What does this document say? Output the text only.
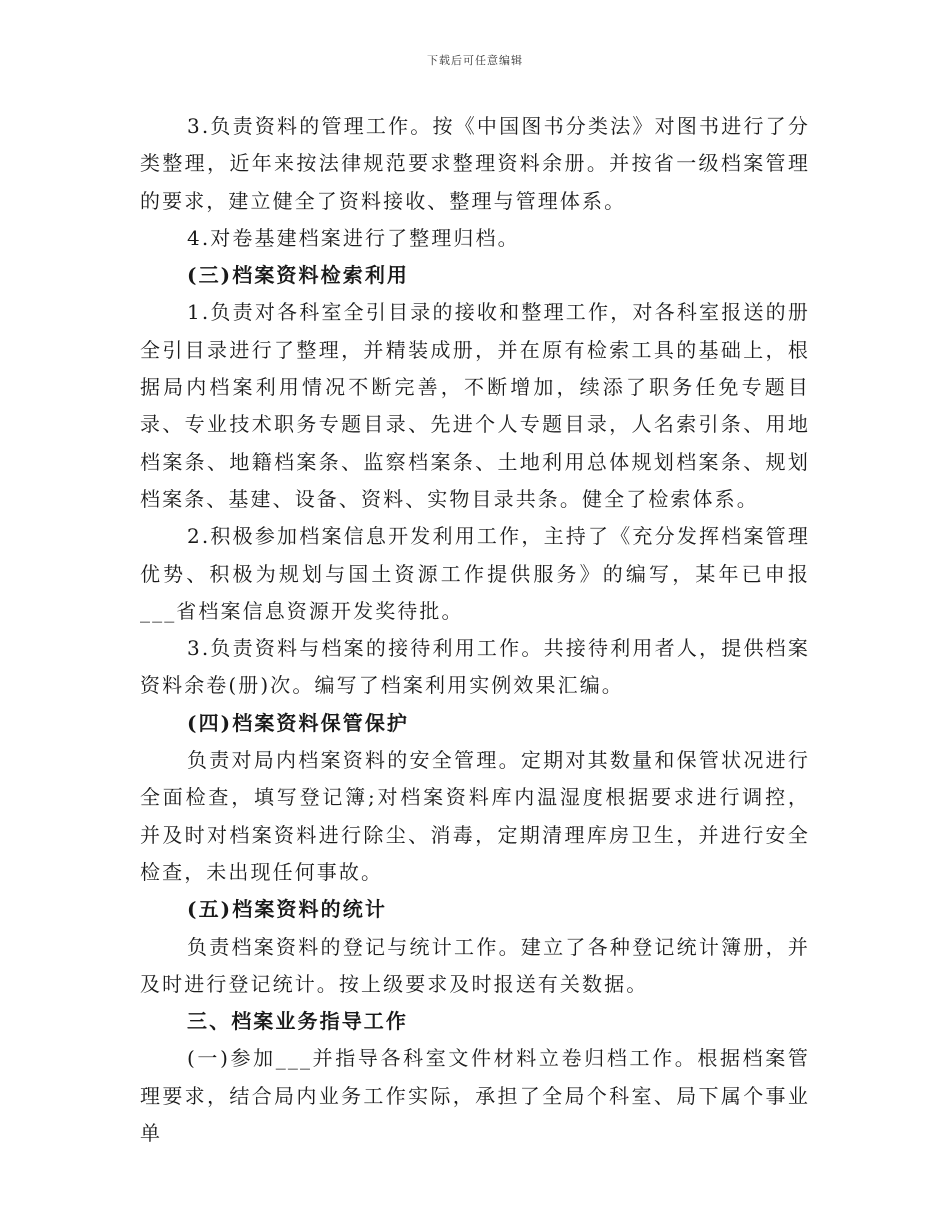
下载后可任意编辑

3.负责资料的管理工作。按《中国图书分类法》对图书进行了分类整理，近年来按法律规范要求整理资料余册。并按省一级档案管理的要求，建立健全了资料接收、整理与管理体系。

4.对卷基建档案进行了整理归档。

(三)档案资料检索利用

1.负责对各科室全引目录的接收和整理工作，对各科室报送的册全引目录进行了整理，并精装成册，并在原有检索工具的基础上，根据局内档案利用情况不断完善，不断增加，续添了职务任免专题目录、专业技术职务专题目录、先进个人专题目录，人名索引条、用地档案条、地籍档案条、监察档案条、土地利用总体规划档案条、规划档案条、基建、设备、资料、实物目录共条。健全了检索体系。

2.积极参加档案信息开发利用工作，主持了《充分发挥档案管理优势、积极为规划与国土资源工作提供服务》的编写，某年已申报___省档案信息资源开发奖待批。

3.负责资料与档案的接待利用工作。共接待利用者人，提供档案资料余卷(册)次。编写了档案利用实例效果汇编。

(四)档案资料保管保护

负责对局内档案资料的安全管理。定期对其数量和保管状况进行全面检查，填写登记簿;对档案资料库内温湿度根据要求进行调控，并及时对档案资料进行除尘、消毒，定期清理库房卫生，并进行安全检查，未出现任何事故。

(五)档案资料的统计

负责档案资料的登记与统计工作。建立了各种登记统计簿册，并及时进行登记统计。按上级要求及时报送有关数据。

三、档案业务指导工作

(一)参加___并指导各科室文件材料立卷归档工作。根据档案管理要求，结合局内业务工作实际，承担了全局个科室、局下属个事业单
